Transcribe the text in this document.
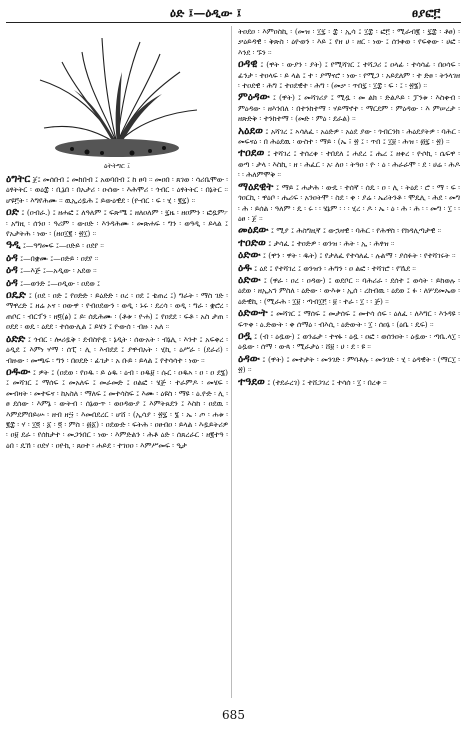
ዕድ ፤—ዕዲው ፤	ፀያፎ፫
ዕትትግር ፤
ዕግትር ጀ፤ መሰበብ ፤ መከበብ ፤ አወባበብ ፤ ከ ፀባ ። መዐበ ፡ ጸገወ ፡ ሳሪቤሞው ፡ ዕፃትትር ፡ ወዕ፰ ፡ ቢኔበ ፡ በአታሪ ፡ ዑሰው ፡ እሕሞሪ ፡ ጎብር ፡ ዕፃትትር ፡ በኔትር ። ሆዩ፫ት ፡ እግየሕሙ ። ዉኢረዷሕ ፤ ይውዕዊደ ፡ (ዮብር ፡ ፍ ፡ ሂ ፡ ፪፯) ።
ዐድ ፤ (ዐብራ.) ፤ ዘሐፎ ፤ ለዓለም ፤ ፍጽሜ ፤ ዘለዐለም ፡ ፯ዜ ፡ ዘዐምን ፡ ፎዷም፦ ፡ አግዚ ፡ ሰንዐ ፡ ዓሪም ፡ ውዐድ ፡ እንዳሕሙ ፡ መጽሐፍ ፡ ግን ፡ ወዓዲ ፡ ይላል ፤ የአታትሕ ፡ ነው ፡ (ዘዐ፲፪ ፡ ፳፲) ።
ዓዲ ፤—ዓግመፍ ፤—ዐድይ ፡ ዐደየ ።
ዕዳ ፤—በቋሙ ፤—ዐድይ ፡ ዐደየ ።
ዕዳ ፤—እጅ ፤—አዲው ፡ አደወ ።
ዕዳ ፤—ወንድ ፤—ዐዲው ፡ ዐደወ ፤
ዐዴድ ፤ (ዐደ ፡ ዐድ ፤ የዐድድ ፡ ይዕድድ ፡ ዐረ ፡ ዐደ ፤ ቴጠረ ፤) ግራት ፡ ማስ ገድ ፡ ማዋረድ ፤ ዘሬ ኦና ፡ ዐውዋ ፡ የብዐደውን ፡ ወዲ ፡ ኑሩ ፡ ደረሳ ፡ ወዲ ፡ ግራ ፡ ቋሮረ ፡ ጠቦር ፡ ብርፕን ፡ ዘ፬(ፅ) ፤ ይ፡ ሰዴሕሙ ፡ (ቶቱ ፡ ዮሐ) ፤ የዐደደ ፡ ፍቶ ፡ አስ ታጠ ፡ ዐደደ ፡ ወዴ ፡ ዕደደ ፡ ተሰውሊል ፤ ይሄን ፤ ዮውሰ ፡ ብዙ ፡ አለ ።
ዕድድ ፤ ጎብር ፡ ሎሪዷቅ ፡ ደብስዮዬ ፡ ኔዲት ፡ ሰውአት ፡ ብኔሊ ፡ እንተ ፤ አፍቀረ ፡ ዕዲደ ፤ እምነ ሃማ ፡ ሰፒ ፡ ሊ ፡ እብደደ ፤ ያዋብአት ፡ ሂኪ ፡ ዕሥራ ፡ (ደራሪ) ፡ ብዙው ፡ መጫፍ ፡ ግን ፡ በዐደድ ፡ ፊገታ ፡ አ ቡይ ፡ ይላል ፤ የተሳሳተ ፡ ነው ።
ዐዱው ፤ ዎት ፤ (ዐደወ ፡ የዐዱ ፡ ይ ዕዱ ፡ ዕብ ፡ ዐዱ፱ ፡ ሱር ፡ ዐዱኣ ፡ ዐ ፡ ዐ ደ፮) ፤ መሻገር ፤ ማሰፍ ፤ መአለፍ ፤ መራመድ ፤ ዐልፎ ፡ ሄጅ ፡ ተራምዶ ፡ መሄፍ ፡ መብዛት ፡ መተፍና ፡ ከአስለ ፡ ማለፍ ፤ መተሳስፍ ፤ እሙ ፡ ዕዩስ ፡ ማዩ ፡ ዕ.ዮድ ፡ ሊ ፡ ፀ ደሰው ፡ እምኔ ፡ ውትብ ፡ ሰኔውጥ ፡ ወዐዳውያ ፤ እምትጰደን ፤ እስከ ፡ ዐደዉ ፡ እምደምበይሡ ፡ ዘብ ዘ፵ ፡ እመበደረር ፡ ሆሸ ፡ (ኢሳያ ፡ ፳፯ ፡ ፮ ፡ ኤ ፡ ጦ ፡ ሐቱ ፡ ፪፰ ፡ ሃ ፡ ፲፬ ፡ ፩ ፡ ፬ ፡ ምስ ፡ ፴፩) ፡ ዐደውድ ፡ ፍትሕ ፡ ዐፀብዐ ፡ ይላል ፡ እዷይትሪዎ ፡ ዐ፱ ደራ ፡ የሰክታተ ፡ መጋንበር ፡ ነው ፡ እምድልን ፡ ሕቶ ዕድ ፡ ሰጸረራር ፡ ዘ፪ተዓ ፡ ዕበ ፡ ዴኸ ፡ ዐደሃ ፡ ዐዮኪ ፡ ጸዐተ ፡ ሐይደ ፡ ተገዐዐ ፡ እምሥመፍ ፡ ዒታ
ትዐደዐ ፡ እምዐስኪ ፡ (መዝ ፡ ፲፯ ፡ ፰ ፡ ኢሳ ፤ ፲፰ ፡ ፎ፫ ፡ ሚራብ፪ ፡ ፯፰ ፡ ቶፀ) ፡ ቃዕይዳዊ ፡ ቅጽስ ፡ ዕዮወን ፡ እይ ፤ የዘ ሀ ፡ ዘር ፡ ነው ፤ ሰንቀወ ፡ የፍቀው ፡ ሀፎ ፡ እንደ ፡ ኙን ።
ዐዳዊ ፤ (ዋት ፡ ውያን ፡ ያት) ፤ የሚሻገር ፤ ተሻጋሪ ፤ ዐላፊ ፡ ተሳሳፊ ፡ በዐሳፍ ፡ ፊንታ ፡ ተዐላፍ ፡ ይ ላል ፤ ተ ፡ ያማናሮ ፡ ነው ፡ የሚጋ ፡ አይደለም ፡ ተ ድፀ ፡ ትንላገዘ ፡ ተዐደዊ ፡ ሕግ ፤ ተዐደዊተ ፡ ሕግ ፡ (መቃ ፡ ጥበ፯ ፡ ፲፰ ፡ ፍ ፡ ፤ ፡ ፳፮) ።
ምዕዳው ፤ (ዋት) ፤ መሻገሪያ ፤ ሚዷ ፡ መ ልክ ፡ ድልዶይ ፡ ፓንቱ ፡ እስቀብ ፡ ምዕዳው ፡ ዘእንበለ ፡ በተንከተማ ፡ ሃይማኖተ ፡ ማርደም ፡ ምዕዳው ፡ እ ምሠረታ ፡ ዘጽድቅ ፡ ተንከተማ ፡ (መድ ፡ ምዕ ፡ ደራል) ።
አዕደወ ፤ አሻገረ ፤ ኣሳለፈ ፡ አዕድዎ ፡ አዕደ ያው ፡ ጎብርንክ ፡ ሕዕደያትዎ ፡ ባሕር ፡ መፍናዕ ፡ በ ሕዕደዉ ፡ ውስተ ፡ ማይ ፡ (ኤ ፣ ፳ ፤ ፡ ጥበ ፤ ፲፱ ፡ ሕዝ ፡ ፴፯ ፡ ፳) ።
ተዐደወ ፤ ተሻገረ ፤ ተሰረቀ ፡ ተበደለ ፤ ሐደረ ፤ ሔረ ፤ ዘቀረ ፡ ዮሶኪ ፡ ሴፍዋ ፡ ወጣ ፡ ታላ ፡ እስኪ ፡ ዘ ፡ ሕፈር ፡ አ፡ ለዐ ፡ ትዓዐ ፡ ዮ ፡ ዕ ፡ ሕራራሞ ፡ ደ ፡ ሀሬ ፡ ሕዶ ፡ ፡ ሕለምሞቅ ።
ማዕደዊት ፤ ማይ ፤ ሐታሕ ፡ ውዴ ፡ ተሰኛ ፡ ሰዴ ፡ ዐ ፡ ሊ ፡ ትዕደ ፡ ሮ ፡ ማ ፡ ፍ ፡ ጎዐርኪ ፡ ዋዕቦ ፡ ሔሪፍ ፡ አንዐትሞ ፡ ስደ ፡ ቀ ፡ ያሬ ፡ ኤሪትንቶ ፡ ሞዴሊ ፡ ሕደ ፡ መግ ፡ ሕ ፡ ይሰል ፡ ዓለም ፡ ዴ ፡ ሩ ፡ ፡ ሄኔም ፡ ፡ ፡ ሂረ ፡ ዶ ፡ ኤ ፡ ዕ ፡ ሕ ፡ ሕ ፡ ፡ መግ ፡ ፲ ፡ ፡ ዕፀ ፡ ጀ ።
መዕደው ፤ ሚያ ፤ ሕስግዚኛ ፤ ውኋዛዊ ፡ ባሕር ፡ የሕዋስ ፡ የክዳሊጣታዊ ።
ተዐድወ ፤ ታሳፈ ፤ ተዐድዎ ፡ ወንዝ ፡ ሕት ፡ ኢ ፡ ሕፃዝ ።
ዕድው ፤ (ዋን ፡ ዋት ፡ ዱት) ፤ የታለፈ የተሳለፈ ፡ ሉልማ ፡ ያሰፉት ፡ የተሻገሩት ።
ዕዱ ፤ ዕደ ፤ የተሻገረ ፤ ወንዝን ፡ ሕግን ፡ ዐ ልፎ ፡ ተሻገሮ ፡ የኼደ ።
ዕድው ፤ (ዋራ ፡ ዐረ ፡ ዐዳው) ፤ ወደቦር ። ባሕሪራ ፡ ደሰተ ፤ ወሳት ፡ ይከወሉ ፡ ዕደወ ፡ ዘኢአኀ ምስለ ፡ ዕድው ፡ ውእቱ ፡ ኢሰ ፡ ረከብዉ ፡ ዕደወ ፤ ፉ ፡ ለሦደመኤወ ፡ ዕድዊኪ ፡ (ሚራሕ ፡ ፲፱ ፡ ጣብ፲፫ ፡ ፱ ፡ ተራ ፡ ፲ ፡ ፡ ጅ) ።
ዕድውት ፤ መሻገር ፤ ማሰፍ ፤ መታሰፍ ፤ መተሳ ሰፍ ፡ ዕለፈ ፡ ለእግር ፡ እንዳዩ ፡ ፍጥቀ ፡ ዕ.ድውት ፡ ቀ ሰማዕ ፡ ብእሲ ፡ ዕድውት ፡ ፲ ፡ ሰዐኔ ፡ (ዕቤ ፡ ዴፍ) ።
ዐዷ ፤ (ብ ፡ ዕዷው) ፤ ወንሬታ ፡ ተናፋ ፡ ዕዷ ፡ ዐፎ ፡ ወሰንዐት ፡ ዕዷው ፡ ጣቤ.ላ፲ ፡ ዕዷው ፡ ሰማ ፡ ውጳ ፡ ሚራታዕ ፡ ሸ፱ ፡ ሀ ፡ ደ ፡ ዩ ።
ዕዳው ፤ (ዋት) ፤ መተታት ፡ መንገድ ፡ ምባቶሉ ፡ መንገድ ፡ ሂ ፡ ዕዳዊት ፡ (ማር፲ ፡ ፳) ።
ተዓደወ ፤ (ተደራረገ) ፤ ተሸጋገረ ፤ ተሳሰ ፡ ፲ ፡ በረቀ ።
685
